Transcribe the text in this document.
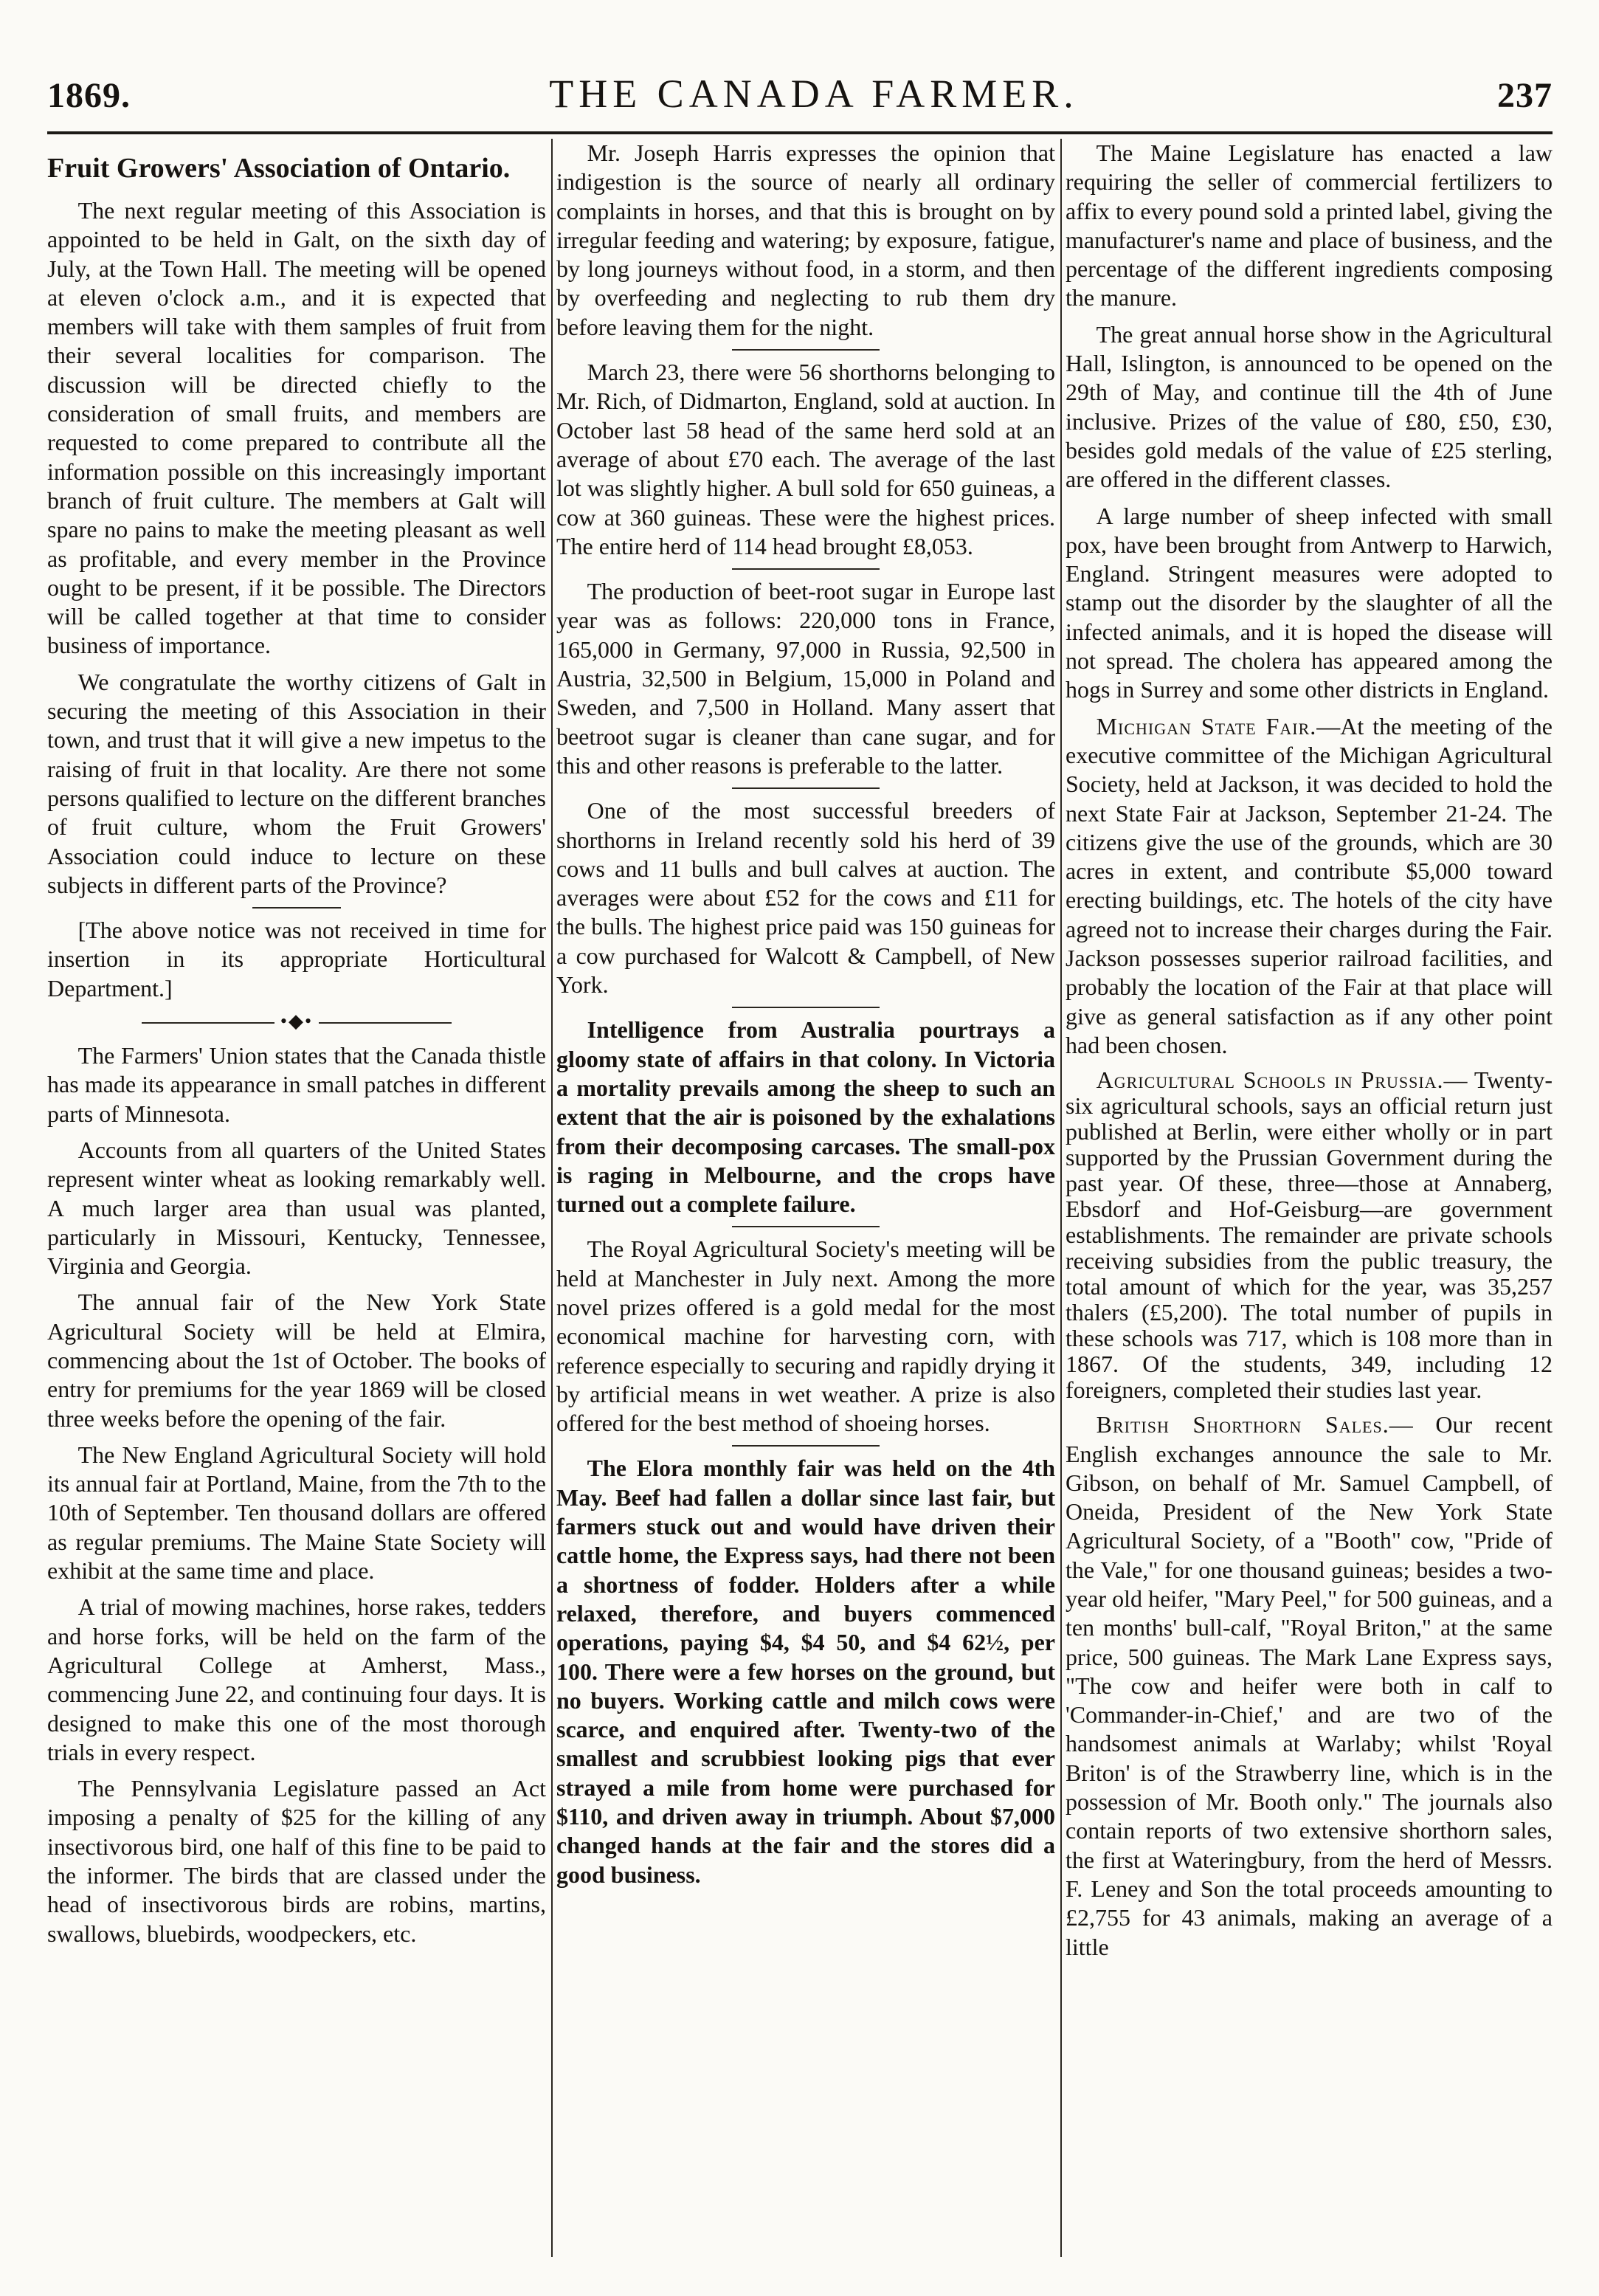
1869.	THE CANADA FARMER.	237
Fruit Growers' Association of Ontario.

The next regular meeting of this Association is appointed to be held in Galt, on the sixth day of July, at the Town Hall. The meeting will be opened at eleven o'clock a.m., and it is expected that members will take with them samples of fruit from their several localities for comparison. The discussion will be directed chiefly to the consideration of small fruits, and members are requested to come prepared to contribute all the information possible on this increasingly important branch of fruit culture. The members at Galt will spare no pains to make the meeting pleasant as well as profitable, and every member in the Province ought to be present, if it be possible. The Directors will be called together at that time to consider business of importance.

We congratulate the worthy citizens of Galt in securing the meeting of this Association in their town, and trust that it will give a new impetus to the raising of fruit in that locality. Are there not some persons qualified to lecture on the different branches of fruit culture, whom the Fruit Growers' Association could induce to lecture on these subjects in different parts of the Province?

[The above notice was not received in time for insertion in its appropriate Horticultural Department.]

•◆•

The Farmers' Union states that the Canada thistle has made its appearance in small patches in different parts of Minnesota.

Accounts from all quarters of the United States represent winter wheat as looking remarkably well. A much larger area than usual was planted, particularly in Missouri, Kentucky, Tennessee, Virginia and Georgia.

The annual fair of the New York State Agricultural Society will be held at Elmira, commencing about the 1st of October. The books of entry for premiums for the year 1869 will be closed three weeks before the opening of the fair.

The New England Agricultural Society will hold its annual fair at Portland, Maine, from the 7th to the 10th of September. Ten thousand dollars are offered as regular premiums. The Maine State Society will exhibit at the same time and place.

A trial of mowing machines, horse rakes, tedders and horse forks, will be held on the farm of the Agricultural College at Amherst, Mass., commencing June 22, and continuing four days. It is designed to make this one of the most thorough trials in every respect.

The Pennsylvania Legislature passed an Act imposing a penalty of $25 for the killing of any insectivorous bird, one half of this fine to be paid to the informer. The birds that are classed under the head of insectivorous birds are robins, martins, swallows, bluebirds, woodpeckers, etc.

Mr. Joseph Harris expresses the opinion that indigestion is the source of nearly all ordinary complaints in horses, and that this is brought on by irregular feeding and watering; by exposure, fatigue, by long journeys without food, in a storm, and then by overfeeding and neglecting to rub them dry before leaving them for the night.

March 23, there were 56 shorthorns belonging to Mr. Rich, of Didmarton, England, sold at auction. In October last 58 head of the same herd sold at an average of about £70 each. The average of the last lot was slightly higher. A bull sold for 650 guineas, a cow at 360 guineas. These were the highest prices. The entire herd of 114 head brought £8,053.

The production of beet-root sugar in Europe last year was as follows: 220,000 tons in France, 165,000 in Germany, 97,000 in Russia, 92,500 in Austria, 32,500 in Belgium, 15,000 in Poland and Sweden, and 7,500 in Holland. Many assert that beetroot sugar is cleaner than cane sugar, and for this and other reasons is preferable to the latter.

One of the most successful breeders of shorthorns in Ireland recently sold his herd of 39 cows and 11 bulls and bull calves at auction. The averages were about £52 for the cows and £11 for the bulls. The highest price paid was 150 guineas for a cow purchased for Walcott & Campbell, of New York.

Intelligence from Australia pourtrays a gloomy state of affairs in that colony. In Victoria a mortality prevails among the sheep to such an extent that the air is poisoned by the exhalations from their decomposing carcases. The small-pox is raging in Melbourne, and the crops have turned out a complete failure.

The Royal Agricultural Society's meeting will be held at Manchester in July next. Among the more novel prizes offered is a gold medal for the most economical machine for harvesting corn, with reference especially to securing and rapidly drying it by artificial means in wet weather. A prize is also offered for the best method of shoeing horses.

The Elora monthly fair was held on the 4th May. Beef had fallen a dollar since last fair, but farmers stuck out and would have driven their cattle home, the Express says, had there not been a shortness of fodder. Holders after a while relaxed, therefore, and buyers commenced operations, paying $4, $4 50, and $4 62½, per 100. There were a few horses on the ground, but no buyers. Working cattle and milch cows were scarce, and enquired after. Twenty-two of the smallest and scrubbiest looking pigs that ever strayed a mile from home were purchased for $110, and driven away in triumph. About $7,000 changed hands at the fair and the stores did a good business.

The Maine Legislature has enacted a law requiring the seller of commercial fertilizers to affix to every pound sold a printed label, giving the manufacturer's name and place of business, and the percentage of the different ingredients composing the manure.

The great annual horse show in the Agricultural Hall, Islington, is announced to be opened on the 29th of May, and continue till the 4th of June inclusive. Prizes of the value of £80, £50, £30, besides gold medals of the value of £25 sterling, are offered in the different classes.

A large number of sheep infected with small pox, have been brought from Antwerp to Harwich, England. Stringent measures were adopted to stamp out the disorder by the slaughter of all the infected animals, and it is hoped the disease will not spread. The cholera has appeared among the hogs in Surrey and some other districts in England.

Michigan State Fair.—At the meeting of the executive committee of the Michigan Agricultural Society, held at Jackson, it was decided to hold the next State Fair at Jackson, September 21-24. The citizens give the use of the grounds, which are 30 acres in extent, and contribute $5,000 toward erecting buildings, etc. The hotels of the city have agreed not to increase their charges during the Fair. Jackson possesses superior railroad facilities, and probably the location of the Fair at that place will give as general satisfaction as if any other point had been chosen.

Agricultural Schools in Prussia.— Twenty-six agricultural schools, says an official return just published at Berlin, were either wholly or in part supported by the Prussian Government during the past year. Of these, three—those at Annaberg, Ebsdorf and Hof-Geisburg—are government establishments. The remainder are private schools receiving subsidies from the public treasury, the total amount of which for the year, was 35,257 thalers (£5,200). The total number of pupils in these schools was 717, which is 108 more than in 1867. Of the students, 349, including 12 foreigners, completed their studies last year.

British Shorthorn Sales.— Our recent English exchanges announce the sale to Mr. Gibson, on behalf of Mr. Samuel Campbell, of Oneida, President of the New York State Agricultural Society, of a "Booth" cow, "Pride of the Vale," for one thousand guineas; besides a two-year old heifer, "Mary Peel," for 500 guineas, and a ten months' bull-calf, "Royal Briton," at the same price, 500 guineas. The Mark Lane Express says, "The cow and heifer were both in calf to 'Commander-in-Chief,' and are two of the handsomest animals at Warlaby; whilst 'Royal Briton' is of the Strawberry line, which is in the possession of Mr. Booth only." The journals also contain reports of two extensive shorthorn sales, the first at Wateringbury, from the herd of Messrs. F. Leney and Son the total proceeds amounting to £2,755 for 43 animals, making an average of a little
